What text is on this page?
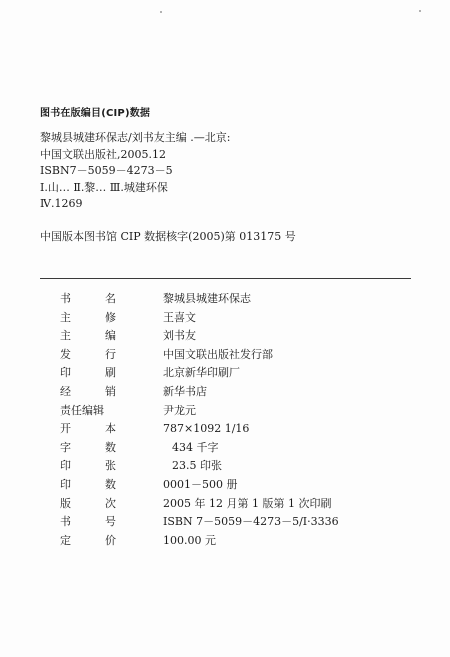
图书在版编目(CIP)数据
黎城县城建环保志/刘书友主编 .—北京:
中国文联出版社,2005.12
ISBN7－5059－4273－5
Ⅰ.山… Ⅱ.黎… Ⅲ.城建环保
Ⅳ.1269
中国版本图书馆 CIP 数据核字(2005)第 013175 号
书	名	黎城县城建环保志
主	修	王喜文
主	编	刘书友
发	行	中国文联出版社发行部
印	刷	北京新华印刷厂
经	销	新华书店
责任编辑	尹龙元
开	本	787×1092 1/16
字	数	434 千字
印	张	23.5 印张
印	数	0001－500 册
版	次	2005 年 12 月第 1 版第 1 次印刷
书	号	ISBN 7－5059－4273－5/I·3336
定	价	100.00 元
